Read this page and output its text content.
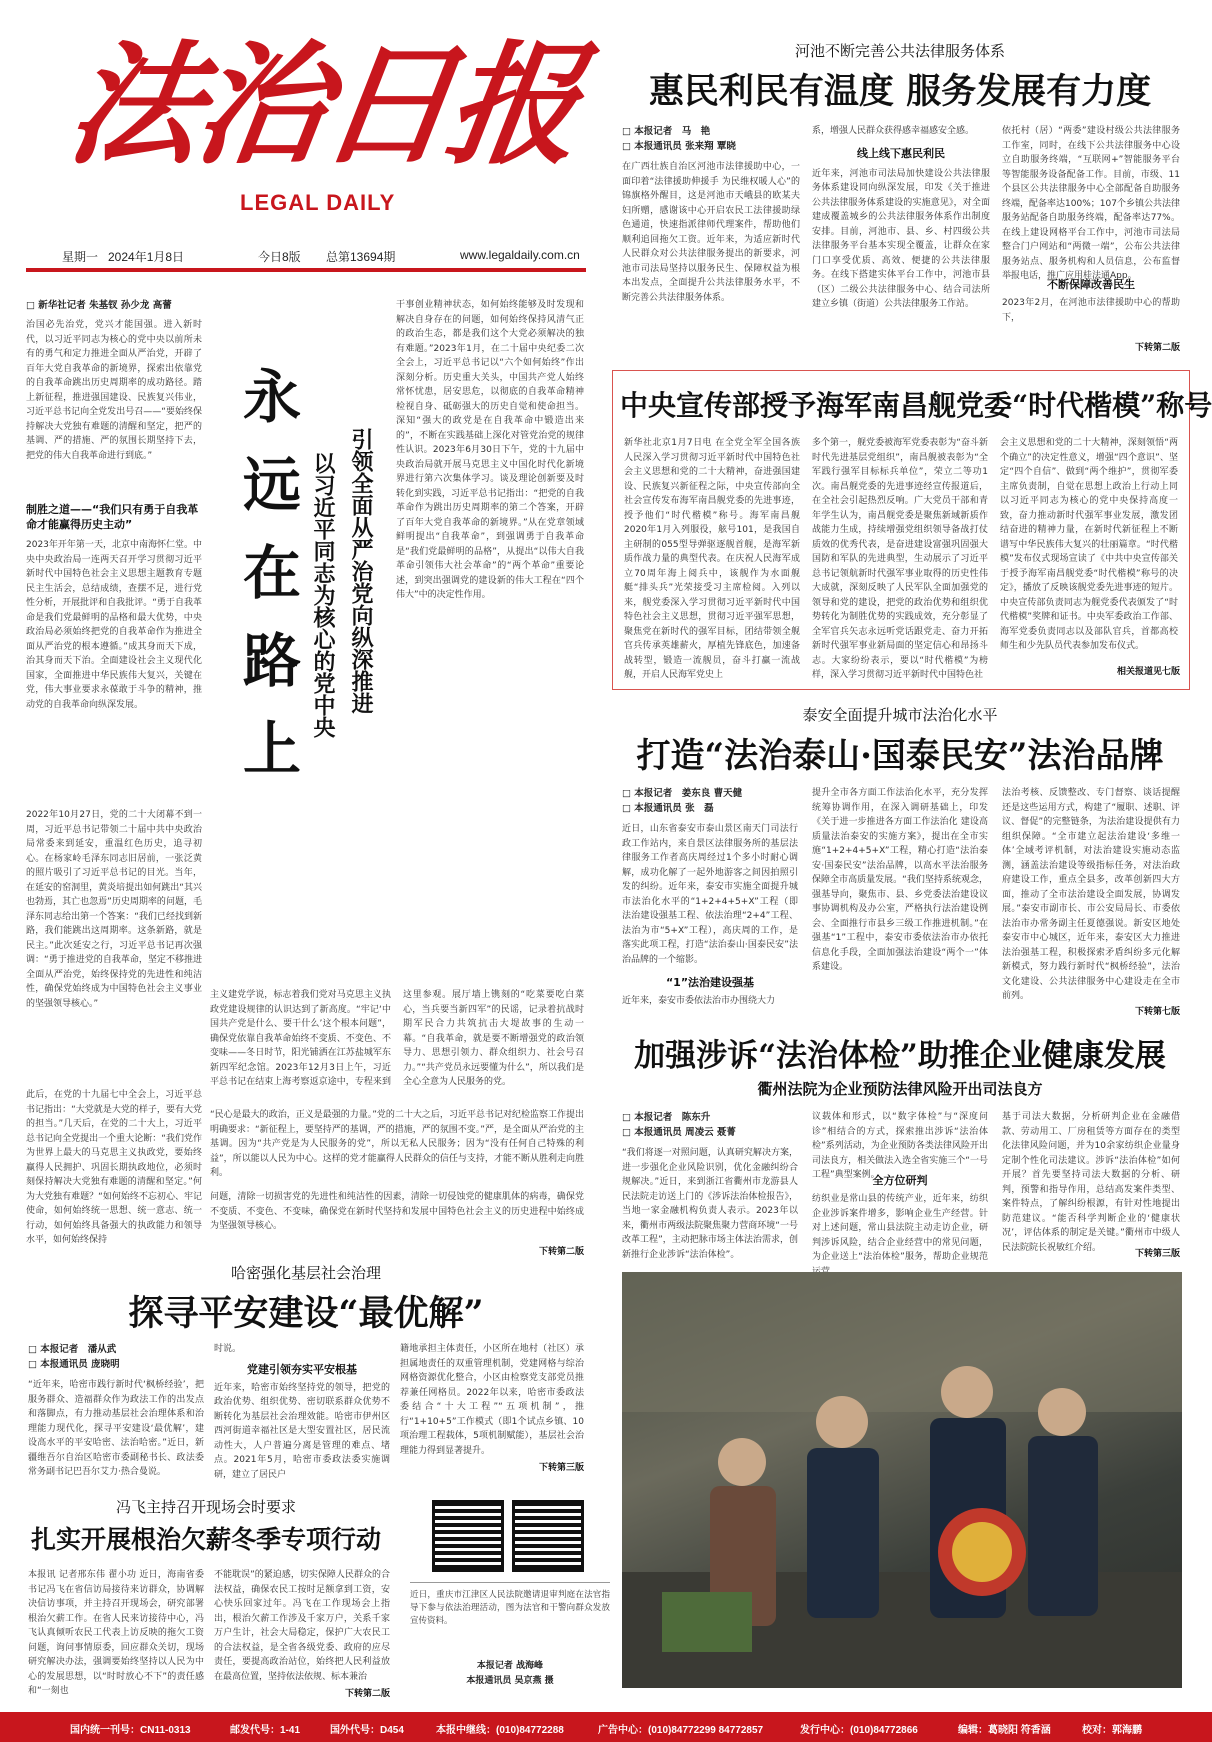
法治日报
LEGAL DAILY
星期一 2024年1月8日	今日8版 总第13694期	www.legaldaily.com.cn
河池不断完善公共法律服务体系
惠民利民有温度 服务发展有力度
□ 本报记者　马　艳
□ 本报通讯员 张来翔 覃晓
在广西壮族自治区河池市法律援助中心，一面印着“法律援助伸援手 为民维权暖人心”的锦旗格外醒目，这是河池市天峨县的欧某夫妇所赠，感谢该中心开启农民工法律援助绿色通道，快速指派律师代理案件，帮助他们顺利追回拖欠工资。近年来，为适应新时代人民群众对公共法律服务提出的新要求，河池市司法局坚持以服务民生、保障权益为根本出发点，全面提升公共法律服务水平，不断完善公共法律服务体系。
系，增强人民群众获得感幸福感安全感。
线上线下惠民利民
近年来，河池市司法局加快建设公共法律服务体系建设同向纵深发展，印发《关于推进公共法律服务体系建设的实施意见》，对全面建成覆盖城乡的公共法律服务体系作出制度安排。目前，河池市、县、乡、村四级公共法律服务平台基本实现全覆盖，让群众在家门口享受优质、高效、便捷的公共法律服务。在线下搭建实体平台工作中，河池市县（区）二级公共法律服务中心、结合司法所建立乡镇（街道）公共法律服务工作站。
依托村（居）“两委”建设村级公共法律服务工作室，同时，在线下公共法律服务中心设立自助服务终端，“互联网+”智能服务平台等智能服务设备配备工作。目前，市级、11个县区公共法律服务中心全部配备自助服务终端，配备率达100%；107个乡镇公共法律服务站配备自助服务终端，配备率达77%。在线上建设网格平台工作中，河池市司法局整合门户网站和“两微一端”，公布公共法律服务站点、服务机构和人员信息，公布监督举报电话，推广应用桂法通App。
不断保障改善民生
2023年2月，在河池市法律援助中心的帮助下，
下转第二版
□ 新华社记者 朱基钗 孙少龙 高蕾
治国必先治党，党兴才能国强。进入新时代，以习近平同志为核心的党中央以前所未有的勇气和定力推进全面从严治党，开辟了百年大党自我革命的新境界，探索出依靠党的自我革命跳出历史周期率的成功路径。踏上新征程，推进强国建设、民族复兴伟业，习近平总书记向全党发出号召——“要始终保持解决大党独有难题的清醒和坚定，把严的基调、严的措施、严的氛围长期坚持下去，把党的伟大自我革命进行到底。”
制胜之道——“我们只有勇于自我革命才能赢得历史主动”
2023年开年第一天，北京中南海怀仁堂。中央中央政治局一连两天召开学习贯彻习近平新时代中国特色社会主义思想主题教育专题民主生活会，总结成绩，查摆不足，进行党性分析，开展批评和自我批评。“勇于自我革命是我们党最鲜明的品格和最大优势，中央政治局必须始终把党的自我革命作为推进全面从严治党的根本遵循。”成其身而天下成，治其身而天下治。全面建设社会主义现代化国家，全面推进中华民族伟大复兴，关键在党，伟大事业要求永葆敢于斗争的精神，推动党的自我革命向纵深发展。
2022年10月27日，党的二十大闭幕不到一周，习近平总书记带领二十届中共中央政治局常委来到延安，重温红色历史，追寻初心。在杨家岭毛泽东同志旧居前，一张泛黄的照片吸引了习近平总书记的目光。当年，在延安的窑洞里，黄炎培提出如何跳出“其兴也勃焉，其亡也忽焉”历史周期率的问题，毛泽东同志给出第一个答案：“我们已经找到新路，我们能跳出这周期率。这条新路，就是民主。”此次延安之行，习近平总书记再次强调：“勇于推进党的自我革命，坚定不移推进全面从严治党，始终保持党的先进性和纯洁性，确保党始终成为中国特色社会主义事业的坚强领导核心。”
此后，在党的十九届七中全会上，习近平总书记指出：“大党就是大党的样子，要有大党的担当。”几天后，在党的二十大上，习近平总书记向全党提出一个重大论断：“我们党作为世界上最大的马克思主义执政党，要始终赢得人民拥护、巩固长期执政地位，必须时刻保持解决大党独有难题的清醒和坚定。”何为大党独有难题？“如何始终不忘初心、牢记使命，如何始终统一思想、统一意志、统一行动，如何始终具备强大的执政能力和领导水平，如何始终保持
永远在路上	引领全面从严治党向纵深推进
以习近平同志为核心的党中央
干事创业精神状态，如何始终能够及时发现和解决自身存在的问题，如何始终保持风清气正的政治生态，都是我们这个大党必须解决的独有难题。”2023年1月，在二十届中央纪委二次全会上，习近平总书记以“六个如何始终”作出深刻分析。历史重大关头，中国共产党人始终常怀忧患，居安思危，以彻底的自我革命精神检视自身、砥砺强大的历史自觉和使命担当。深知“强大的政党是在自我革命中锻造出来的”，不断在实践基础上深化对管党治党的规律性认识。2023年6月30日下午，党的十九届中央政治局就开展马克思主义中国化时代化新境界进行第六次集体学习。谈及理论创新要及时转化到实践，习近平总书记指出：“把党的自我革命作为跳出历史周期率的第二个答案，开辟了百年大党自我革命的新境界。”从在党章领域鲜明提出“自我革命”，到强调勇于自我革命是“我们党最鲜明的品格”，从提出“以伟大自我革命引领伟大社会革命”的“两个革命”重要论述，到突出强调党的建设新的伟大工程在“四个伟大”中的决定性作用。
主义建党学说，标志着我们党对马克思主义执政党建设规律的认识达到了新高度。“牢记‘中国共产党是什么、要干什么’这个根本问题”，确保党依靠自我革命始终不变质、不变色、不变味——冬日时节，阳光铺洒在江苏盐城军东新四军纪念馆。2023年12月3日上午，习近平总书记在结束上海考察返京途中，专程来到这里参观。展厅墙上镌刻的“吃菜要吃白菜心，当兵要当新四军”的民谣，记录着抗战时期军民合力共筑抗击大堤故事的生动一幕。“自我革命，就是要不断增强党的政治领导力、思想引领力、群众组织力、社会号召力。”“共产党员永远要懂为什么”，所以我们是全心全意为人民服务的党。
“民心是最大的政治，正义是最强的力量。”党的二十大之后，习近平总书记对纪检监察工作提出明确要求：“新征程上，要坚持严的基调，严的措施，严的氛围不变。”严，是全面从严治党的主基调。因为“共产党是为人民服务的党”，所以无私人民服务；因为“没有任何自己特殊的利益”，所以能以人民为中心。这样的党才能赢得人民群众的信任与支持，才能不断从胜利走向胜利。
问题，清除一切损害党的先进性和纯洁性的因素，清除一切侵蚀党的健康肌体的病毒，确保党不变质、不变色、不变味，确保党在新时代坚持和发展中国特色社会主义的历史进程中始终成为坚强领导核心。
下转第二版
中央宣传部授予海军南昌舰党委“时代楷模”称号
新华社北京1月7日电 在全党全军全国各族人民深入学习贯彻习近平新时代中国特色社会主义思想和党的二十大精神，奋进强国建设、民族复兴新征程之际，中央宣传部向全社会宣传发布海军南昌舰党委的先进事迹，授予他们“时代楷模”称号。海军南昌舰2020年1月入列服役，舷号101，是我国自主研制的055型导弹驱逐舰首舰，是海军新质作战力量的典型代表。在庆祝人民海军成立70周年海上阅兵中，该舰作为水面舰艇“排头兵”光荣接受习主席检阅。入列以来，舰党委深入学习贯彻习近平新时代中国特色社会主义思想，贯彻习近平强军思想，聚焦党在新时代的强军目标，团结带领全舰官兵传承英雄薪火，厚植先锋底色，加速备战转型，锻造一流舰员，奋斗打赢一流战舰，开启人民海军党史上
多个第一，舰党委被海军党委表彰为“奋斗新时代先进基层党组织”，南昌舰被表彰为“全军践行强军目标标兵单位”，荣立二等功1次。南昌舰党委的先进事迹经宣传报道后，在全社会引起热烈反响。广大党员干部和青年学生认为，南昌舰党委是聚焦新域新质作战能力生成，持续增强党组织领导备战打仗质效的优秀代表，是奋进建设富强巩固强大国防和军队的先进典型，生动展示了习近平总书记领航新时代强军事业取得的历史性伟大成就，深刻反映了人民军队全面加强党的领导和党的建设，把党的政治优势和组织优势转化为制胜优势的实践成效，充分彰显了全军官兵矢志永远听党话跟党走、奋力开拓新时代强军事业新局面的坚定信心和昂扬斗志。大家纷纷表示，要以“时代楷模”为榜样，深入学习贯彻习近平新时代中国特色社
会主义思想和党的二十大精神，深刻领悟“两个确立”的决定性意义，增强“四个意识”、坚定“四个自信”、做到“两个维护”，贯彻军委主席负责制，自觉在思想上政治上行动上同以习近平同志为核心的党中央保持高度一致，奋力推动新时代强军事业发展，激发团结奋进的精神力量，在新时代新征程上不断谱写中华民族伟大复兴的壮丽篇章。“时代楷模”发布仪式现场宣读了《中共中央宣传部关于授予海军南昌舰党委“时代楷模”称号的决定》，播放了反映该舰党委先进事迹的短片。中央宣传部负责同志为舰党委代表颁发了“时代楷模”奖牌和证书。中央军委政治工作部、海军党委负责同志以及部队官兵，首都高校师生和少先队员代表参加发布仪式。
相关报道见七版
泰安全面提升城市法治化水平
打造“法治泰山·国泰民安”法治品牌
□ 本报记者　姜东良 曹天健
□ 本报通讯员 张　磊
近日，山东省泰安市泰山景区南天门司法行政工作站内，来自景区法律服务所的基层法律服务工作者高庆周经过1个多小时耐心调解，成功化解了一起外地游客之间因拍照引发的纠纷。近年来，泰安市实施全面提升城市法治化水平的“1+2+4+5+X”工程（即法治建设强基工程、依法治理“2+4”工程、法治为市“5+X”工程），高庆周的工作，是落实此项工程，打造“法治泰山·国泰民安”法治品牌的一个缩影。
“1”法治建设强基
近年来，泰安市委依法治市办围绕大力
提升全市各方面工作法治化水平，充分发挥统筹协调作用，在深入调研基础上，印发《关于进一步推进各方面工作法治化 建设高质量法治泰安的实施方案》，提出在全市实施“1+2+4+5+X”工程，精心打造“法治泰安·国泰民安”法治品牌，以高水平法治服务保障全市高质量发展。“我们坚持系统观念，强基导向，聚焦市、县、乡党委法治建设议事协调机构及办公室，严格执行法治建设例会、全面推行市县乡三级工作推进机制。”在强基“1”工程中，泰安市委依法治市办依托信息化手段，全面加强法治建设“两个一”体系建设。
法治考核、反馈整改、专门督察、谈话提醒还是这些运用方式，构建了“履职、述职、评议、督促”的完整链条，为法治建设提供有力组织保障。“全市建立起法治建设‘多维一体’全域考评机制，对法治建设实施动态监测，涵盖法治建设等级指标任务，对法治政府建设工作，重点全县多，改革创新四大方面，推动了全市法治建设全面发展，协调发展。”泰安市副市长、市公安局局长、市委依法治市办常务副主任夏德强说。新安区地处泰安市中心城区，近年来，泰安区大力推进法治强基工程，积极探索矛盾纠纷多元化解新模式，努力践行新时代“枫桥经验”，法治文化建设、公共法律服务中心建设走在全市前列。
下转第七版
加强涉诉“法治体检”助推企业健康发展
衢州法院为企业预防法律风险开出司法良方
□ 本报记者　陈东升
□ 本报通讯员 周凌云 聂菁
“我们将逐一对照问题，认真研究解决方案，进一步强化企业风险识别，优化金融纠纷合规解决。”近日，来到浙江省衢州市龙游县人民法院走访送上门的《涉诉法治体检报告》，当地一家金融机构负责人表示。2023年以来，衢州市两级法院聚焦聚力营商环境“一号改革工程”，主动把脉市场主体法治需求，创新推行企业涉诉“法治体检”。
议载体和形式，以“数字体检”与“深度问诊”相结合的方式，探索推出涉诉“法治体检”系列活动，为企业预防各类法律风险开出司法良方，相关做法入选全省实施三个“一号工程”典型案例。
全方位研判
纺织业是常山县的传统产业，近年来，纺织企业涉诉案件增多，影响企业生产经营。针对上述问题，常山县法院主动走访企业，研判涉诉风险，结合企业经营中的常见问题，为企业送上“法治体检”服务，帮助企业规范
基于司法大数据，分析研判企业在金融借款、劳动用工、厂房租赁等方面存在的类型化法律风险问题，并为10余家纺织企业量身定制个性化司法建议。涉诉“法治体检”如何开展？首先要坚持司法大数据的分析、研判，预警和指导作用，总结高发案件类型、案件特点，了解纠纷根源，有针对性地提出防范建议。“能否科学判断企业的‘健康状况’，评估体系的制定是关键。”衢州市中级人民法院院长祝敏红介绍。
下转第三版
哈密强化基层社会治理
探寻平安建设“最优解”
□ 本报记者　潘从武
□ 本报通讯员 庞晓明
“近年来，哈密市践行新时代‘枫桥经验’，把服务群众、造福群众作为政法工作的出发点和落脚点，有力推动基层社会治理体系和治理能力现代化，探寻平安建设‘最优解’，建设高水平的平安哈密、法治哈密。”近日，新疆维吾尔自治区哈密市委副秘书长、政法委常务副书记巴吾尔艾力·热合曼说。
时说。
党建引领夯实平安根基
近年来，哈密市始终坚持党的领导，把党的政治优势、组织优势、密切联系群众优势不断转化为基层社会治理效能。哈密市伊州区西河街道幸福社区是大型安置社区，居民流动性大，人户普遍分离是管理的难点、堵点。2021年5月，哈密市委政法委实施调研，建立了居民户
籍地承担主体责任，小区所在地村（社区）承担属地责任的双重管理机制，党建网格与综治网格资源优化整合，小区由检察党支部党员推荐兼任网格员。2022年以来，哈密市委政法委结合“十大工程”“五项机制”，推行“1+10+5”工作模式（即1个试点乡镇、10项治理工程载体，5项机制赋能），基层社会治理能力得到显著提升。
下转第三版
冯飞主持召开现场会时要求
扎实开展根治欠薪冬季专项行动
本报讯 记者邢东伟 翟小功 近日，海南省委书记冯飞在省信访局接待来访群众，协调解决信访事项，并主持召开现场会，研究部署根治欠薪工作。在省人民来访接待中心，冯飞认真倾听农民工代表上访反映的拖欠工资问题，询问事情原委，回应群众关切，现场研究解决办法，强调要始终坚持以人民为中心的发展思想，以“时时放心不下”的责任感和“一刻也
不能耽误”的紧迫感，切实保障人民群众的合法权益，确保农民工按时足额拿到工资，安心快乐回家过年。冯飞在工作现场会上指出，根治欠薪工作涉及千家万户，关系千家万户生计，社会大局稳定，保护广大农民工的合法权益，是全省各级党委、政府的应尽责任，要提高政治站位，始终把人民利益放在最高位置，坚持依法依规、标本兼治
下转第二版
近日，重庆市江津区人民法院邀请退审判庭在法官指导下参与依法治理活动，图为法官和干警向群众发放宣传资料。
本报记者 战海峰
本报通讯员 吴京燕 摄
国内统一刊号：CN11-0313	邮发代号：1-41	国外代号：D454	本报中继线：(010)84772288	广告中心：(010)84772299 84772857	发行中心：(010)84772866	编辑：葛晓阳 符香涵	校对：郭海鹏
